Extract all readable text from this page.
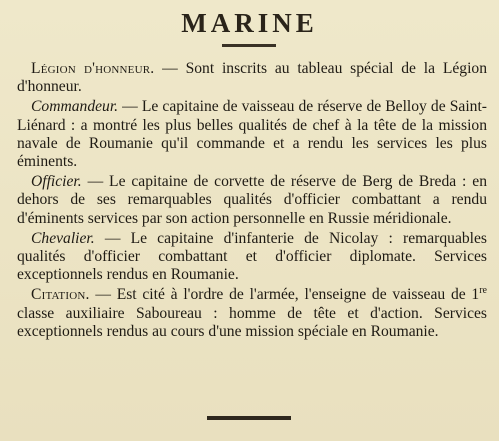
MARINE

Légion d'honneur. — Sont inscrits au tableau spécial de la Légion d'honneur.

Commandeur. — Le capitaine de vaisseau de réserve de Belloy de Saint-Liénard : a montré les plus belles qualités de chef à la tête de la mission navale de Roumanie qu'il commande et a rendu les services les plus éminents.

Officier. — Le capitaine de corvette de réserve de Berg de Breda : en dehors de ses remarquables qualités d'officier combattant a rendu d'éminents services par son action personnelle en Russie méridionale.

Chevalier. — Le capitaine d'infanterie de Nicolay : remarquables qualités d'officier combattant et d'officier diplomate. Services exceptionnels rendus en Roumanie.

Citation. — Est cité à l'ordre de l'armée, l'enseigne de vaisseau de 1re classe auxiliaire Saboureau : homme de tête et d'action. Services exceptionnels rendus au cours d'une mission spéciale en Roumanie.
